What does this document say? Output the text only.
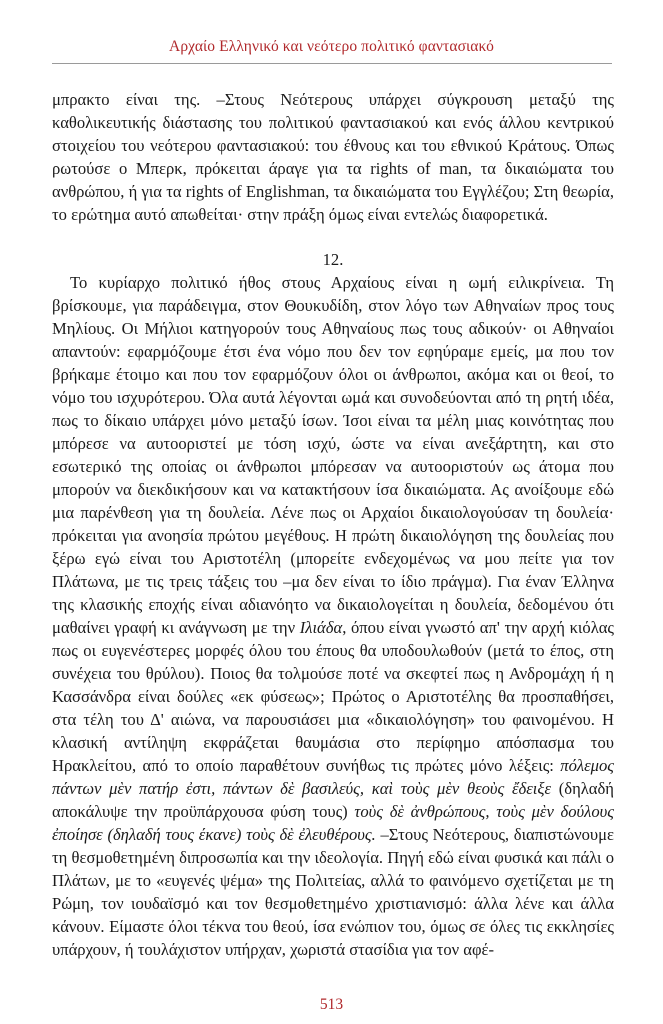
Αρχαίο Ελληνικό και νεότερο πολιτικό φαντασιακό

μπρακτο είναι της. –Στους Νεότερους υπάρχει σύγκρουση μεταξύ της καθολικευτικής διάστασης του πολιτικού φαντασιακού και ενός άλλου κεντρικού στοιχείου του νεότερου φαντασιακού: του έθνους και του εθνικού Κράτους. Όπως ρωτούσε ο Μπερκ, πρόκειται άραγε για τα rights of man, τα δικαιώματα του ανθρώπου, ή για τα rights of Englishman, τα δικαιώματα του Εγγλέζου; Στη θεωρία, το ερώτημα αυτό απωθείται· στην πράξη όμως είναι εντελώς διαφορετικά.

12.

Το κυρίαρχο πολιτικό ήθος στους Αρχαίους είναι η ωμή ειλικρίνεια. Τη βρίσκουμε, για παράδειγμα, στον Θουκυδίδη, στον λόγο των Αθηναίων προς τους Μηλίους. Οι Μήλιοι κατηγορούν τους Αθηναίους πως τους αδικούν· οι Αθηναίοι απαντούν: εφαρμόζουμε έτσι ένα νόμο που δεν τον εφηύραμε εμείς, μα που τον βρήκαμε έτοιμο και που τον εφαρμόζουν όλοι οι άνθρωποι, ακόμα και οι θεοί, το νόμο του ισχυρότερου. Όλα αυτά λέγονται ωμά και συνοδεύονται από τη ρητή ιδέα, πως το δίκαιο υπάρχει μόνο μεταξύ ίσων. Ίσοι είναι τα μέλη μιας κοινότητας που μπόρεσε να αυτοοριστεί με τόση ισχύ, ώστε να είναι ανεξάρτητη, και στο εσωτερικό της οποίας οι άνθρωποι μπόρεσαν να αυτοοριστούν ως άτομα που μπορούν να διεκδικήσουν και να κατακτήσουν ίσα δικαιώματα. Ας ανοίξουμε εδώ μια παρένθεση για τη δουλεία. Λένε πως οι Αρχαίοι δικαιολογούσαν τη δουλεία· πρόκειται για ανοησία πρώτου μεγέθους. Η πρώτη δικαιολόγηση της δουλείας που ξέρω εγώ είναι του Αριστοτέλη (μπορείτε ενδεχομένως να μου πείτε για τον Πλάτωνα, με τις τρεις τάξεις του –μα δεν είναι το ίδιο πράγμα). Για έναν Έλληνα της κλασικής εποχής είναι αδιανόητο να δικαιολογείται η δουλεία, δεδομένου ότι μαθαίνει γραφή κι ανάγνωση με την Ιλιάδα, όπου είναι γνωστό απ' την αρχή κιόλας πως οι ευγενέστερες μορφές όλου του έπους θα υποδουλωθούν (μετά το έπος, στη συνέχεια του θρύλου). Ποιος θα τολμούσε ποτέ να σκεφτεί πως η Ανδρομάχη ή η Κασσάνδρα είναι δούλες «εκ φύσεως»; Πρώτος ο Αριστοτέλης θα προσπαθήσει, στα τέλη του Δ' αιώνα, να παρουσιάσει μια «δικαιολόγηση» του φαινομένου. Η κλασική αντίληψη εκφράζεται θαυμάσια στο περίφημο απόσπασμα του Ηρακλείτου, από το οποίο παραθέτουν συνήθως τις πρώτες μόνο λέξεις: πόλεμος πάντων μὲν πατήρ ἐστι, πάντων δὲ βασιλεύς, καὶ τοὺς μὲν θεοὺς ἔδειξε (δηλαδή αποκάλυψε την προϋπάρχουσα φύση τους) τοὺς δὲ ἀνθρώπους, τοὺς μὲν δούλους ἐποίησε (δηλαδή τους έκανε) τοὺς δὲ ἐλευθέρους. –Στους Νεότερους, διαπιστώνουμε τη θεσμοθετημένη διπροσωπία και την ιδεολογία. Πηγή εδώ είναι φυσικά και πάλι ο Πλάτων, με το «ευγενές ψέμα» της Πολιτείας, αλλά το φαινόμενο σχετίζεται με τη Ρώμη, τον ιουδαϊσμό και τον θεσμοθετημένο χριστιανισμό: άλλα λένε και άλλα κάνουν. Είμαστε όλοι τέκνα του θεού, ίσα ενώπιον του, όμως σε όλες τις εκκλησίες υπάρχουν, ή τουλάχιστον υπήρχαν, χωριστά στασίδια για τον αφέ-

513
